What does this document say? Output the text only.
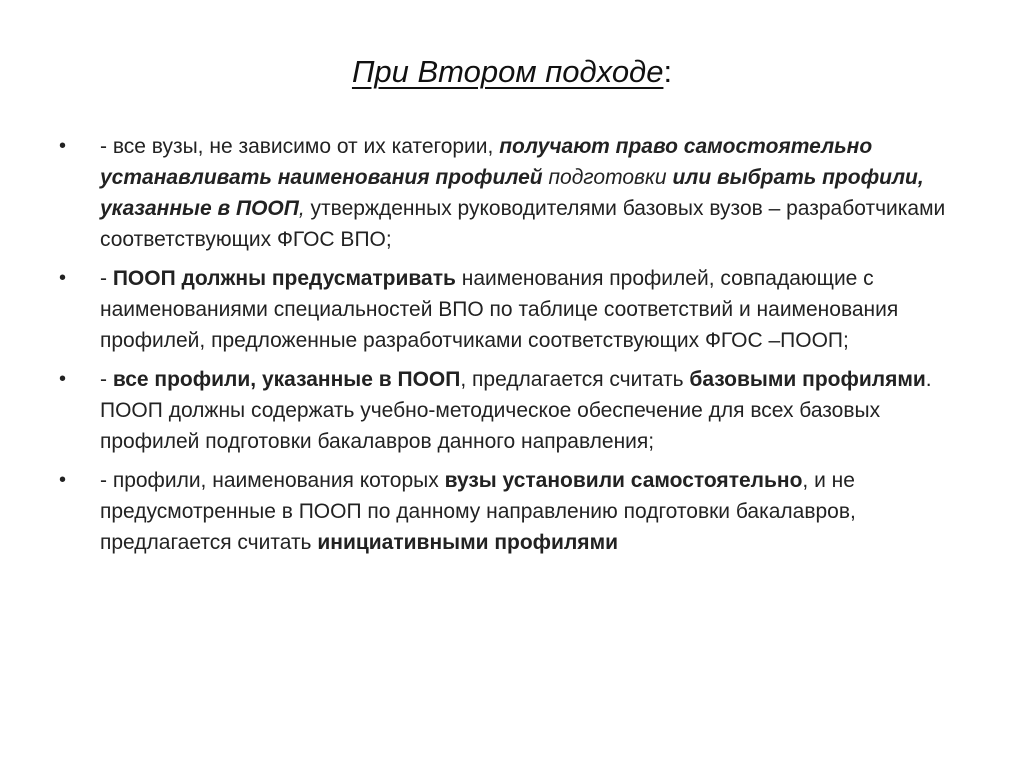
При Втором подходе:
• - все вузы, не зависимо от их категории, получают право самостоятельно устанавливать наименования профилей подготовки или выбрать профили, указанные в ПООП, утвержденных руководителями базовых вузов – разработчиками соответствующих ФГОС ВПО;
• - ПООП должны предусматривать наименования профилей, совпадающие с наименованиями специальностей ВПО по таблице соответствий и наименования профилей, предложенные разработчиками соответствующих ФГОС –ПООП;
• - все профили, указанные в ПООП, предлагается считать базовыми профилями. ПООП должны содержать учебно-методическое обеспечение для всех базовых профилей подготовки бакалавров данного направления;
• - профили, наименования которых вузы установили самостоятельно, и не предусмотренные в ПООП по данному направлению подготовки бакалавров, предлагается считать инициативными профилями
